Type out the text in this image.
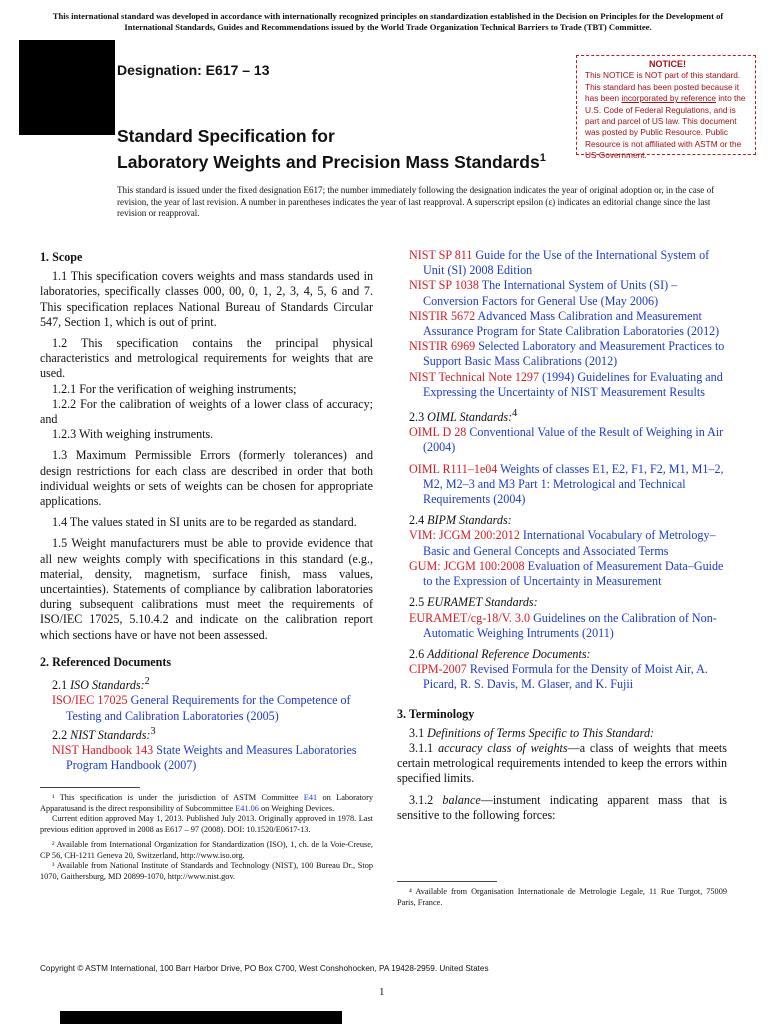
This international standard was developed in accordance with internationally recognized principles on standardization established in the Decision on Principles for the Development of International Standards, Guides and Recommendations issued by the World Trade Organization Technical Barriers to Trade (TBT) Committee.
Designation: E617 – 13	NOTICE!
This NOTICE is NOT part of this standard. This standard has been posted because it has been incorporated by reference into the U.S. Code of Federal Regulations, and is part and parcel of US law. This document was posted by Public Resource. Public Resource is not affiliated with ASTM or the US Government.
Standard Specification for
Laboratory Weights and Precision Mass Standards$^1$
This standard is issued under the fixed designation E617; the number immediately following the designation indicates the year of original adoption or, in the case of revision, the year of last revision. A number in parentheses indicates the year of last reapproval. A superscript epsilon (ε) indicates an editorial change since the last revision or reapproval.

1. Scope

1.1 This specification covers weights and mass standards used in laboratories, specifically classes 000, 00, 0, 1, 2, 3, 4, 5, 6 and 7. This specification replaces National Bureau of Standards Circular 547, Section 1, which is out of print.

1.2 This specification contains the principal physical characteristics and metrological requirements for weights that are used.

1.2.1 For the verification of weighing instruments;

1.2.2 For the calibration of weights of a lower class of accuracy; and

1.2.3 With weighing instruments.

1.3 Maximum Permissible Errors (formerly tolerances) and design restrictions for each class are described in order that both individual weights or sets of weights can be chosen for appropriate applications.

1.4 The values stated in SI units are to be regarded as standard.

1.5 Weight manufacturers must be able to provide evidence that all new weights comply with specifications in this standard (e.g., material, density, magnetism, surface finish, mass values, uncertainties). Statements of compliance by calibration laboratories during subsequent calibrations must meet the requirements of ISO/IEC 17025, 5.10.4.2 and indicate on the calibration report which sections have or have not been assessed.

2. Referenced Documents

2.1 ISO Standards:$^2$

ISO/IEC 17025 General Requirements for the Competence of Testing and Calibration Laboratories (2005)

2.2 NIST Standards:$^3$

NIST Handbook 143 State Weights and Measures Laboratories Program Handbook (2007)

NIST SP 811 Guide for the Use of the International System of Unit (SI) 2008 Edition

NIST SP 1038 The International System of Units (SI) – Conversion Factors for General Use (May 2006)

NISTIR 5672 Advanced Mass Calibration and Measurement Assurance Program for State Calibration Laboratories (2012)

NISTIR 6969 Selected Laboratory and Measurement Practices to Support Basic Mass Calibrations (2012)

NIST Technical Note 1297 (1994) Guidelines for Evaluating and Expressing the Uncertainty of NIST Measurement Results

2.3 OIML Standards:$^4$

OIML D 28 Conventional Value of the Result of Weighing in Air (2004)

OIML R111–1e04 Weights of classes E1, E2, F1, F2, M1, M1–2, M2, M2–3 and M3 Part 1: Metrological and Technical Requirements (2004)

2.4 BIPM Standards:

VIM: JCGM 200:2012 International Vocabulary of Metrology–Basic and General Concepts and Associated Terms

GUM: JCGM 100:2008 Evaluation of Measurement Data–Guide to the Expression of Uncertainty in Measurement

2.5 EURAMET Standards:

EURAMET/cg-18/V. 3.0 Guidelines on the Calibration of Non-Automatic Weighing Intruments (2011)

2.6 Additional Reference Documents:

CIPM-2007 Revised Formula for the Density of Moist Air, A. Picard, R. S. Davis, M. Glaser, and K. Fujii

3. Terminology

3.1 Definitions of Terms Specific to This Standard:

3.1.1 accuracy class of weights—a class of weights that meets certain metrological requirements intended to keep the errors within specified limits.

3.1.2 balance—instument indicating apparent mass that is sensitive to the following forces:

¹ This specification is under the jurisdiction of ASTM Committee E41 on Laboratory Apparatusand is the direct responsibility of Subcommittee E41.06 on Weighing Devices.

Current edition approved May 1, 2013. Published July 2013. Originally approved in 1978. Last previous edition approved in 2008 as E617 – 97 (2008). DOI: 10.1520/E0617-13.

² Available from International Organization for Standardization (ISO), 1, ch. de la Voie-Creuse, CP 56, CH-1211 Geneva 20, Switzerland, http://www.iso.org.

³ Available from National Institute of Standards and Technology (NIST), 100 Bureau Dr., Stop 1070, Gaithersburg, MD 20899-1070, http://www.nist.gov.

⁴ Available from Organisation Internationale de Metrologie Legale, 11 Rue Turgot, 75009 Paris, France.

Copyright © ASTM International, 100 Barr Harbor Drive, PO Box C700, West Conshohocken, PA 19428-2959. United States
1
